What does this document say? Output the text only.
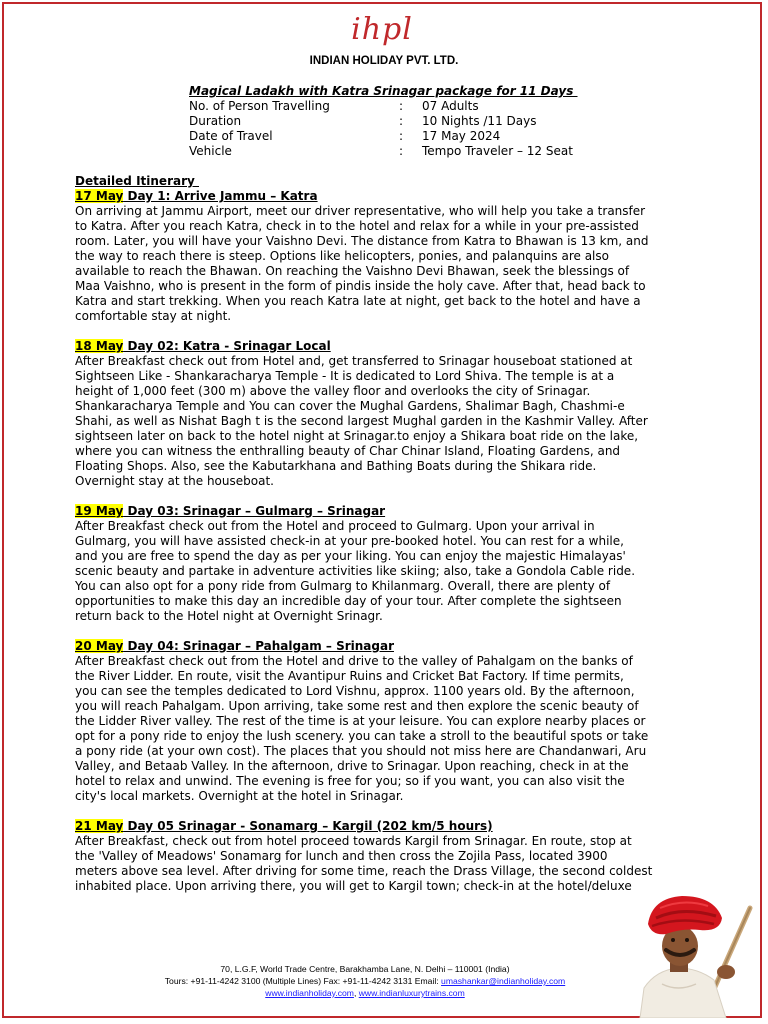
ihpl
INDIAN HOLIDAY PVT. LTD.
Magical Ladakh with Katra Srinagar package for 11 Days
No. of Person Travelling	:	07 Adults
Duration	:	10 Nights /11 Days
Date of Travel	:	17 May 2024
Vehicle	:	Tempo Traveler – 12 Seat
Detailed Itinerary
17 May Day 1: Arrive Jammu – Katra
On arriving at Jammu Airport, meet our driver representative, who will help you take a transfer
to Katra. After you reach Katra, check in to the hotel and relax for a while in your pre-assisted
room. Later, you will have your Vaishno Devi. The distance from Katra to Bhawan is 13 km, and
the way to reach there is steep. Options like helicopters, ponies, and palanquins are also
available to reach the Bhawan. On reaching the Vaishno Devi Bhawan, seek the blessings of
Maa Vaishno, who is present in the form of pindis inside the holy cave. After that, head back to
Katra and start trekking. When you reach Katra late at night, get back to the hotel and have a
comfortable stay at night.
18 May Day 02: Katra - Srinagar Local
After Breakfast check out from Hotel and, get transferred to Srinagar houseboat stationed at
Sightseen Like - Shankaracharya Temple - It is dedicated to Lord Shiva. The temple is at a
height of 1,000 feet (300 m) above the valley floor and overlooks the city of Srinagar.
Shankaracharya Temple and You can cover the Mughal Gardens, Shalimar Bagh, Chashmi-e
Shahi, as well as Nishat Bagh t is the second largest Mughal garden in the Kashmir Valley. After
sightseen later on back to the hotel night at Srinagar.to enjoy a Shikara boat ride on the lake,
where you can witness the enthralling beauty of Char Chinar Island, Floating Gardens, and
Floating Shops. Also, see the Kabutarkhana and Bathing Boats during the Shikara ride.
Overnight stay at the houseboat.
19 May Day 03: Srinagar – Gulmarg – Srinagar
After Breakfast check out from the Hotel and proceed to Gulmarg. Upon your arrival in
Gulmarg, you will have assisted check-in at your pre-booked hotel. You can rest for a while,
and you are free to spend the day as per your liking. You can enjoy the majestic Himalayas'
scenic beauty and partake in adventure activities like skiing; also, take a Gondola Cable ride.
You can also opt for a pony ride from Gulmarg to Khilanmarg. Overall, there are plenty of
opportunities to make this day an incredible day of your tour. After complete the sightseen
return back to the Hotel night at Overnight Srinagr.
20 May Day 04: Srinagar – Pahalgam – Srinagar
After Breakfast check out from the Hotel and drive to the valley of Pahalgam on the banks of
the River Lidder. En route, visit the Avantipur Ruins and Cricket Bat Factory. If time permits,
you can see the temples dedicated to Lord Vishnu, approx. 1100 years old. By the afternoon,
you will reach Pahalgam. Upon arriving, take some rest and then explore the scenic beauty of
the Lidder River valley. The rest of the time is at your leisure. You can explore nearby places or
opt for a pony ride to enjoy the lush scenery. you can take a stroll to the beautiful spots or take
a pony ride (at your own cost). The places that you should not miss here are Chandanwari, Aru
Valley, and Betaab Valley. In the afternoon, drive to Srinagar. Upon reaching, check in at the
hotel to relax and unwind. The evening is free for you; so if you want, you can also visit the
city's local markets. Overnight at the hotel in Srinagar.
21 May Day 05 Srinagar - Sonamarg – Kargil (202 km/5 hours)
After Breakfast, check out from hotel proceed towards Kargil from Srinagar. En route, stop at
the 'Valley of Meadows' Sonamarg for lunch and then cross the Zojila Pass, located 3900
meters above sea level. After driving for some time, reach the Drass Village, the second coldest
inhabited place. Upon arriving there, you will get to Kargil town; check-in at the hotel/deluxe
70, L.G.F, World Trade Centre, Barakhamba Lane, N. Delhi – 110001 (India)
Tours: +91-11-4242 3100 (Multiple Lines) Fax: +91-11-4242 3131 Email: umashankar@indianholiday.com
www.indianholiday.com, www.indianluxurytrains.com
